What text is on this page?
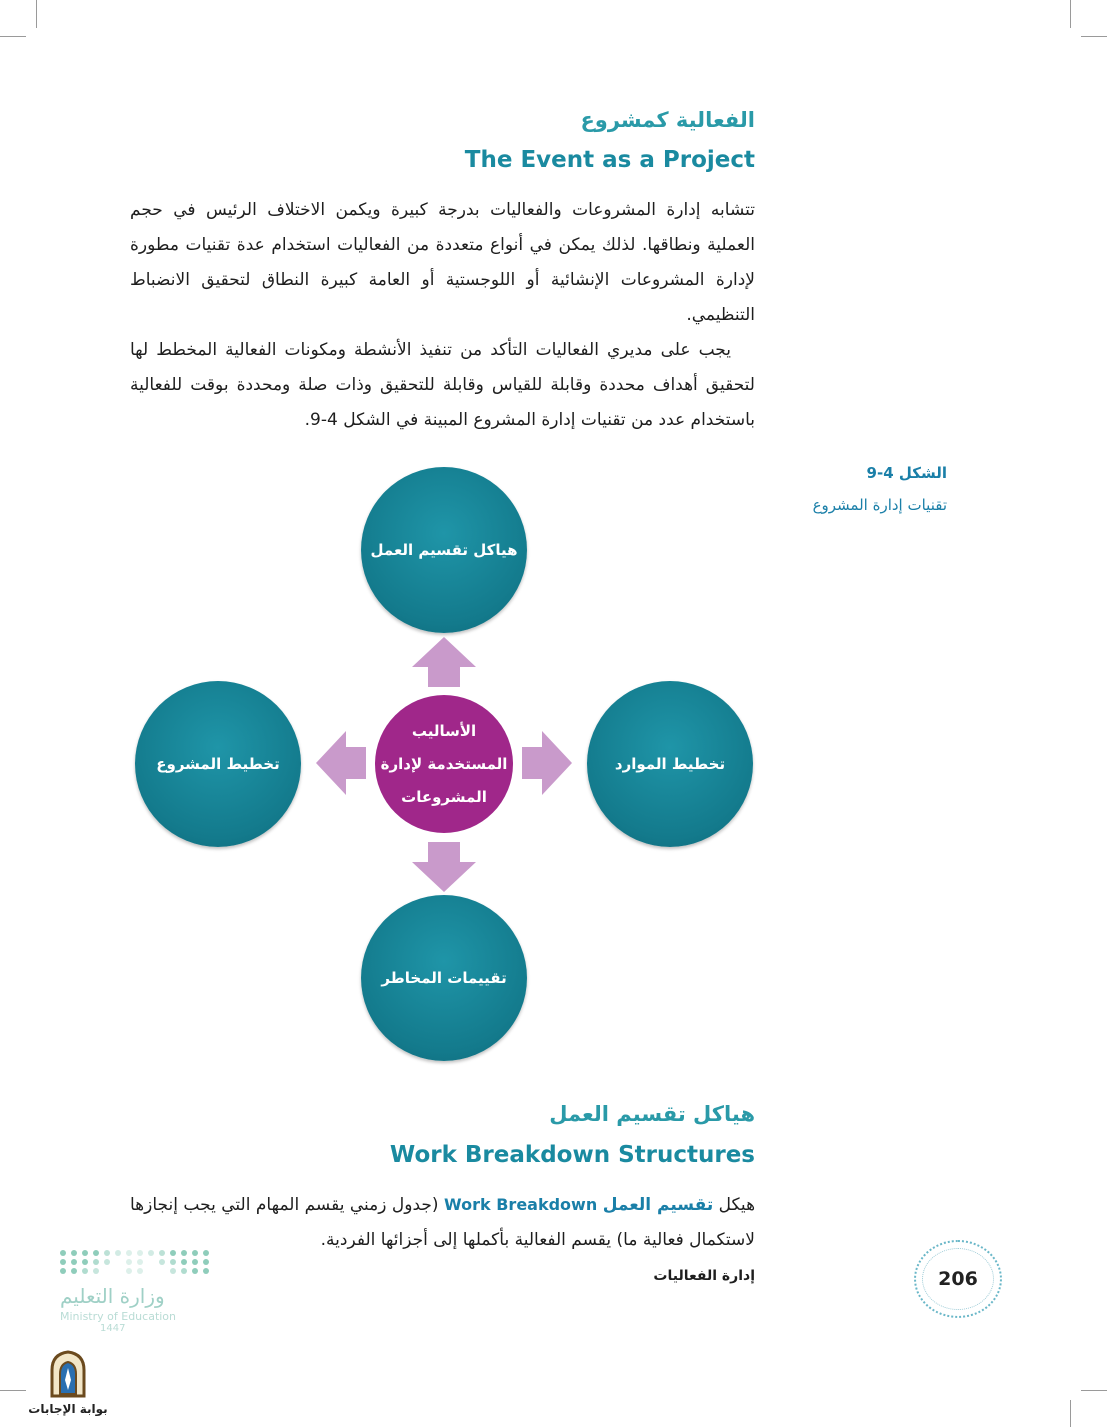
الفعالية كمشروع
The Event as a Project

تتشابه إدارة المشروعات والفعاليات بدرجة كبيرة ويكمن الاختلاف الرئيس في حجم العملية ونطاقها. لذلك يمكن في أنواع متعددة من الفعاليات استخدام عدة تقنيات مطورة لإدارة المشروعات الإنشائية أو اللوجستية أو العامة كبيرة النطاق لتحقيق الانضباط التنظيمي.

يجب على مديري الفعاليات التأكد من تنفيذ الأنشطة ومكونات الفعالية المخطط لها لتحقيق أهداف محددة وقابلة للقياس وقابلة للتحقيق وذات صلة ومحددة بوقت للفعالية باستخدام عدد من تقنيات إدارة المشروع المبينة في الشكل 4-9.

الشكل 4-9
تقنيات إدارة المشروع
هياكل تقسيم العمل
تخطيط المشروع	تخطيط الموارد
تقييمات المخاطر
الأساليب
المستخدمة لإدارة
المشروعات
هياكل تقسيم العمل
Work Breakdown Structures
هيكل تقسيم العمل Work Breakdown (جدول زمني يقسم المهام التي يجب إنجازها لاستكمال فعالية ما) يقسم الفعالية بأكملها إلى أجزائها الفردية.
إدارة الفعاليات	206
وزارة التعليم
Ministry of Education
1447
بوابة الإجابات
